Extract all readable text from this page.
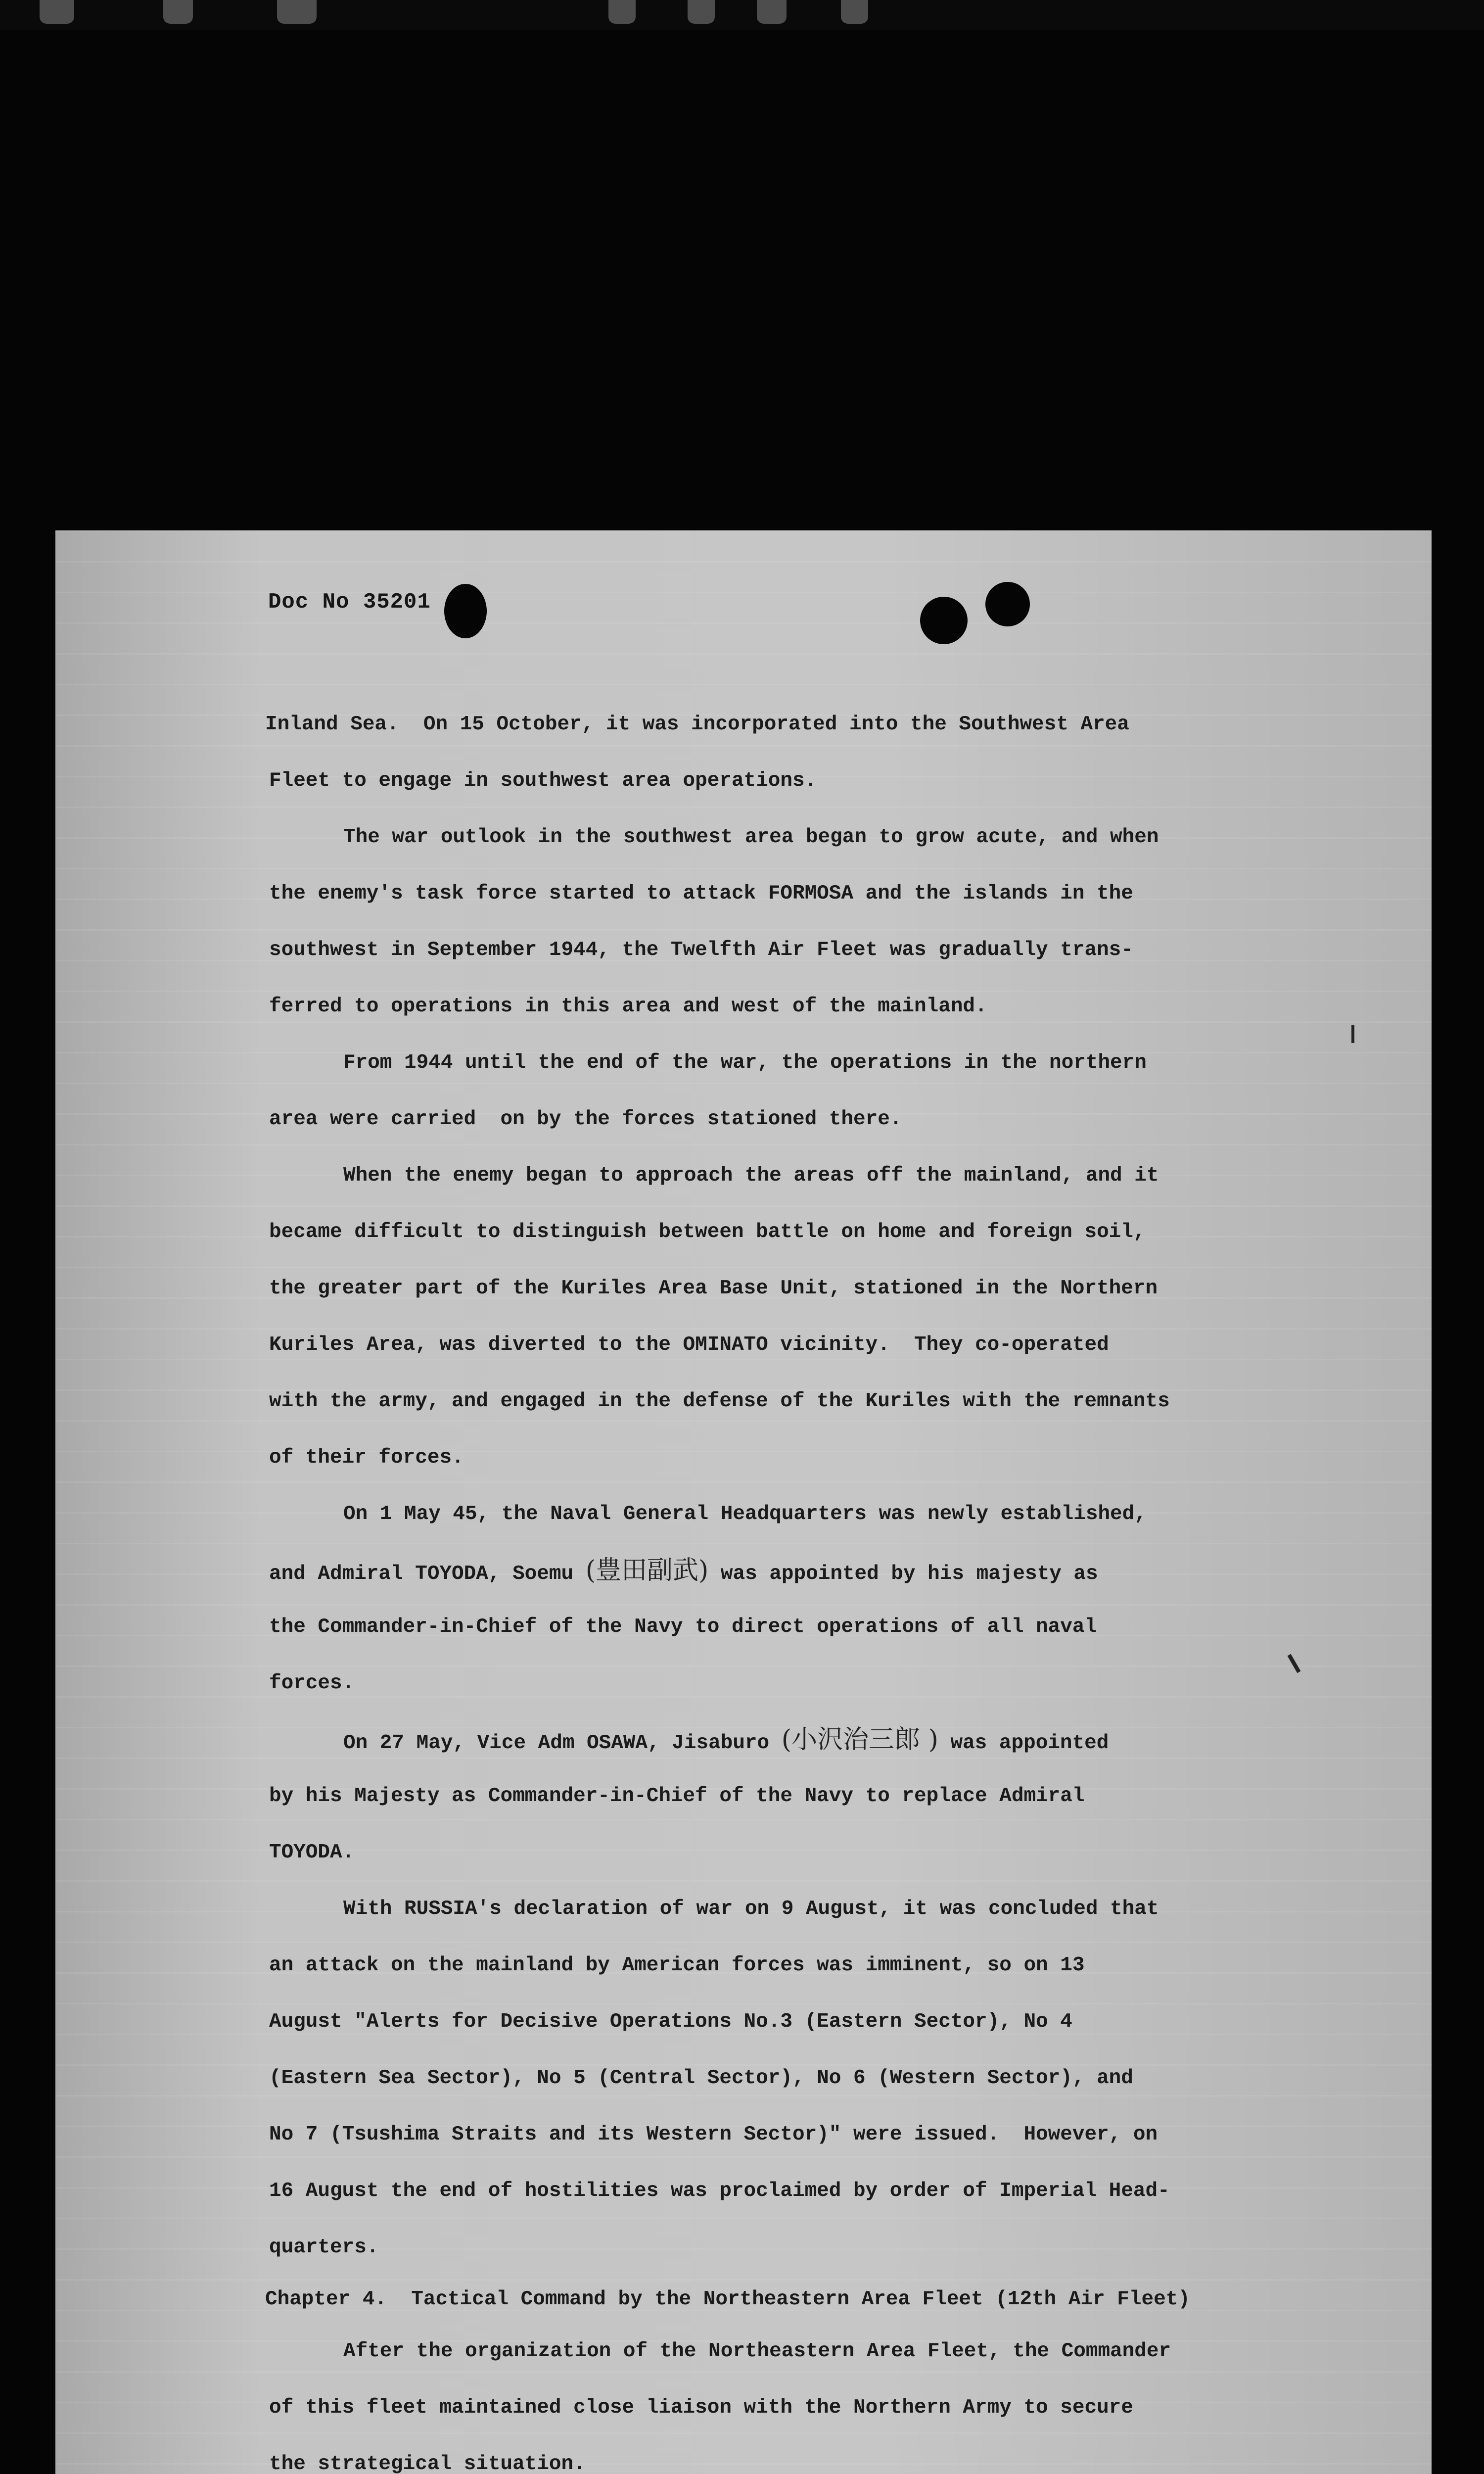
Doc No 35201
Inland Sea.  On 15 October, it was incorporated into the Southwest Area
Fleet to engage in southwest area operations.
The war outlook in the southwest area began to grow acute, and when
the enemy's task force started to attack FORMOSA and the islands in the
southwest in September 1944, the Twelfth Air Fleet was gradually trans-
ferred to operations in this area and west of the mainland.
From 1944 until the end of the war, the operations in the northern
area were carried  on by the forces stationed there.
When the enemy began to approach the areas off the mainland, and it
became difficult to distinguish between battle on home and foreign soil,
the greater part of the Kuriles Area Base Unit, stationed in the Northern
Kuriles Area, was diverted to the OMINATO vicinity.  They co-operated
with the army, and engaged in the defense of the Kuriles with the remnants
of their forces.
On 1 May 45, the Naval General Headquarters was newly established,
and Admiral TOYODA, Soemu (豊田副武) was appointed by his majesty as
the Commander-in-Chief of the Navy to direct operations of all naval
forces.
On 27 May, Vice Adm OSAWA, Jisaburo (小沢治三郎 ) was appointed
by his Majesty as Commander-in-Chief of the Navy to replace Admiral
TOYODA.
With RUSSIA's declaration of war on 9 August, it was concluded that
an attack on the mainland by American forces was imminent, so on 13
August "Alerts for Decisive Operations No.3 (Eastern Sector), No 4
(Eastern Sea Sector), No 5 (Central Sector), No 6 (Western Sector), and
No 7 (Tsushima Straits and its Western Sector)" were issued.  However, on
16 August the end of hostilities was proclaimed by order of Imperial Head-
quarters.
Chapter 4.  Tactical Command by the Northeastern Area Fleet (12th Air Fleet)
After the organization of the Northeastern Area Fleet, the Commander
of this fleet maintained close liaison with the Northern Army to secure
the strategical situation.
